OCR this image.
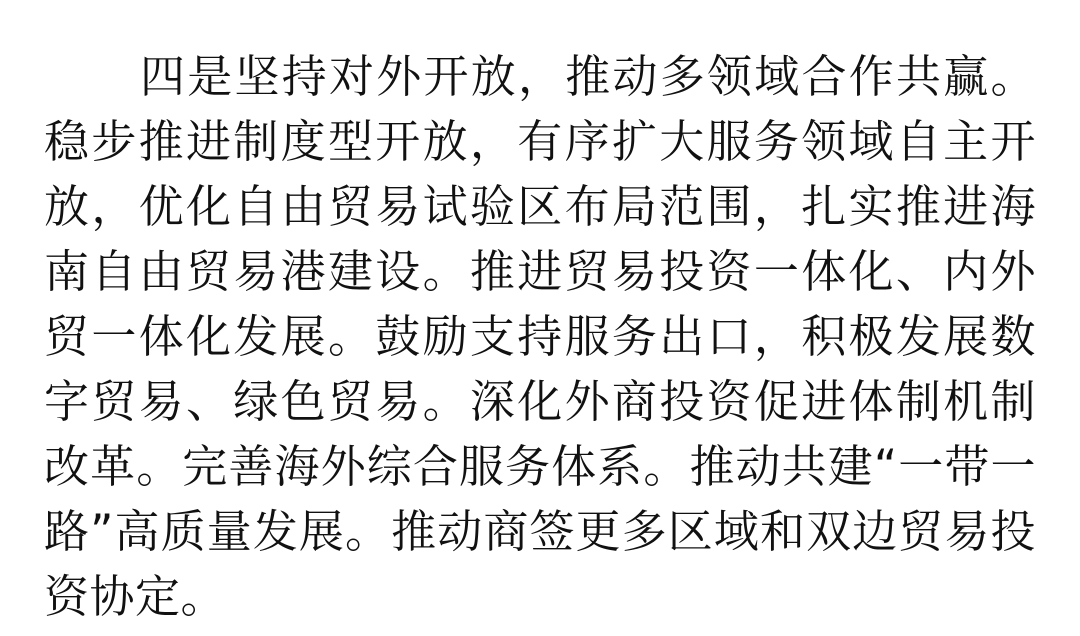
四是坚持对外开放，推动多领域合作共赢。稳步推进制度型开放，有序扩大服务领域自主开放，优化自由贸易试验区布局范围，扎实推进海南自由贸易港建设。推进贸易投资一体化、内外贸一体化发展。鼓励支持服务出口，积极发展数字贸易、绿色贸易。深化外商投资促进体制机制改革。完善海外综合服务体系。推动共建“一带一路”高质量发展。推动商签更多区域和双边贸易投资协定。
